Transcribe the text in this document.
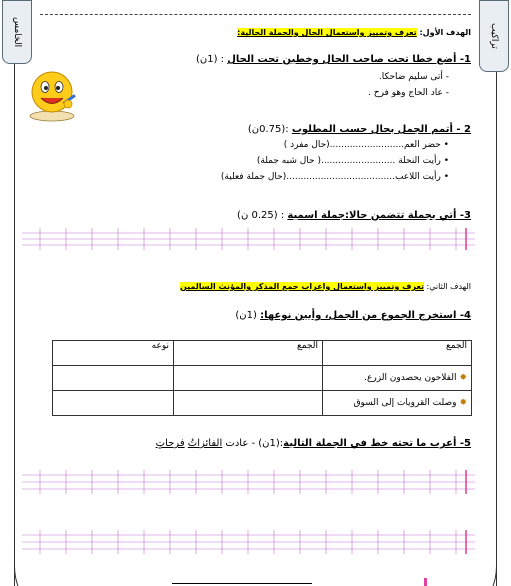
الخامس	تراكيب
الهدف الأول: تعرف وتمييز واستعمال الحال والجملة الحالية:
1- أضع خطا تحت صاحب الحال وخطين تحت الحال : (1ن)
- أتى سليم ضاحكا.
- عاد الحاج وهو فرح .
2 - أتمم الجمل بحال حسب المطلوب :(0.75ن)
• حضر العم..........................(حال مفرد )
• رأيت النحلة ..........................( حال شبه جملة)
• رأيت اللاعب......................................(حال جملة فعلية)
3- أتي بجملة تتضمن حالا:جملة اسمية : (0.25 ن)
الهدف الثاني: تعرف وتمييز واستعمال واعراب جمع المذكر والمؤنث السالمين
4- استخرج الجموع من الجمل، وأبين نوعها: (1ن)
الجمع	الجمع	نوعه
✸الفلاحون يحصدون الزرع.		
✸وصلت القرويات إلى السوق		
5- أعرب ما تحته خط في الجملة التالية:(1ن) - عادت الفائزاتُ فرحاتٍ
